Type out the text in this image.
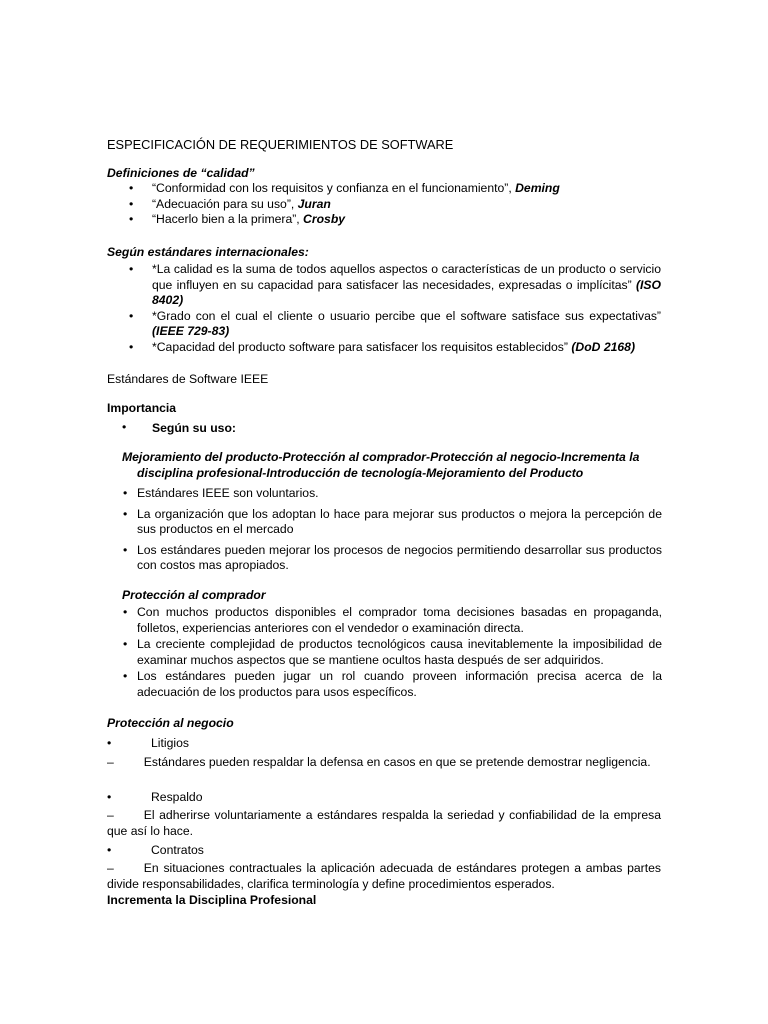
ESPECIFICACIÓN DE REQUERIMIENTOS DE SOFTWARE
Definiciones de “calidad”
• “Conformidad con los requisitos y confianza en el funcionamiento”, Deming
• “Adecuación para su uso”, Juran
• “Hacerlo bien a la primera”, Crosby
Según estándares internacionales:
• *La calidad es la suma de todos aquellos aspectos o características de un producto o servicio que influyen en su capacidad para satisfacer las necesidades, expresadas o implícitas” (ISO 8402)
• *Grado con el cual el cliente o usuario percibe que el software satisface sus expectativas” (IEEE 729-83)
• *Capacidad del producto software para satisfacer los requisitos establecidos” (DoD 2168)
Estándares de Software IEEE
Importancia
• Según su uso:
Mejoramiento del producto-Protección al comprador-Protección al negocio-Incrementa la disciplina profesional-Introducción de tecnología-Mejoramiento del Producto
• Estándares IEEE son voluntarios.
• La organización que los adoptan lo hace para mejorar sus productos o mejora la percepción de sus productos en el mercado
• Los estándares pueden mejorar los procesos de negocios permitiendo desarrollar sus productos con costos mas apropiados.
Protección al comprador
• Con muchos productos disponibles el comprador toma decisiones basadas en propaganda, folletos, experiencias anteriores con el vendedor o examinación directa.
• La creciente complejidad de productos tecnológicos causa inevitablemente la imposibilidad de examinar muchos aspectos que se mantiene ocultos hasta después de ser adquiridos.
• Los estándares pueden jugar un rol cuando proveen información precisa acerca de la adecuación de los productos para usos específicos.
Protección al negocio
•	Litigios
– Estándares pueden respaldar la defensa en casos en que se pretende demostrar negligencia.
•	Respaldo
– El adherirse voluntariamente a estándares respalda la seriedad y confiabilidad de la empresa que así lo hace.
•	Contratos
– En situaciones contractuales la aplicación adecuada de estándares protegen a ambas partes divide responsabilidades, clarifica terminología y define procedimientos esperados.
Incrementa la Disciplina Profesional
